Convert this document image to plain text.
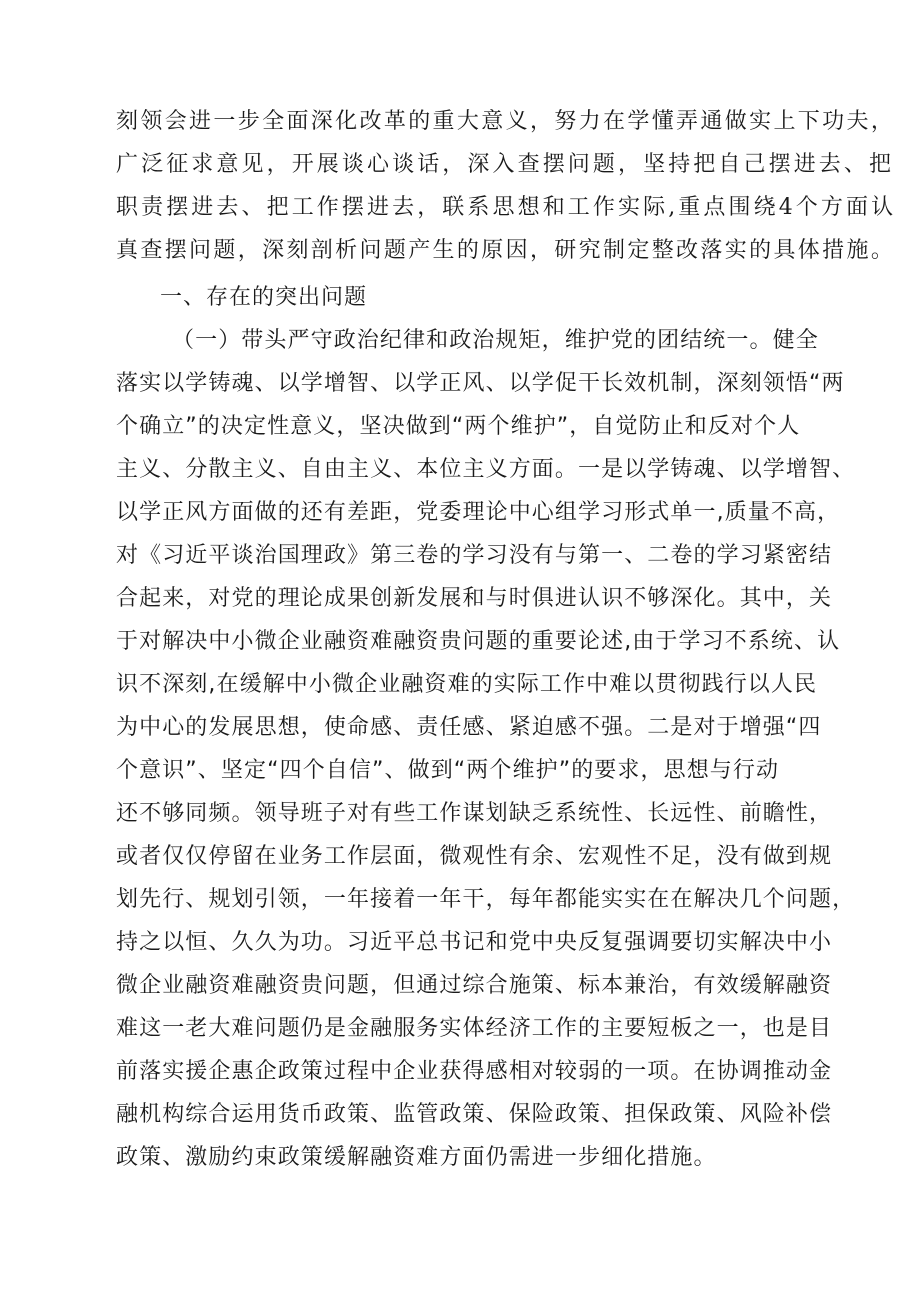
刻领会进一步全面深化改革的重大意义，努力在学懂弄通做实上下功夫，
广泛征求意见，开展谈心谈话，深入查摆问题，坚持把自己摆进去、把
职责摆进去、把工作摆进去，联系思想和工作实际,重点围绕4个方面认
真查摆问题，深刻剖析问题产生的原因，研究制定整改落实的具体措施。
一、存在的突出问题
（一）带头严守政治纪律和政治规矩，维护党的团结统一。健全
落实以学铸魂、以学增智、以学正风、以学促干长效机制，深刻领悟“两
个确立”的决定性意义，坚决做到“两个维护”，自觉防止和反对个人
主义、分散主义、自由主义、本位主义方面。一是以学铸魂、以学增智、
以学正风方面做的还有差距，党委理论中心组学习形式单一,质量不高，
对《习近平谈治国理政》第三卷的学习没有与第一、二卷的学习紧密结
合起来，对党的理论成果创新发展和与时俱进认识不够深化。其中，关
于对解决中小微企业融资难融资贵问题的重要论述,由于学习不系统、认
识不深刻,在缓解中小微企业融资难的实际工作中难以贯彻践行以人民
为中心的发展思想，使命感、责任感、紧迫感不强。二是对于增强“四
个意识”、坚定“四个自信”、做到“两个维护”的要求，思想与行动
还不够同频。领导班子对有些工作谋划缺乏系统性、长远性、前瞻性，
或者仅仅停留在业务工作层面，微观性有余、宏观性不足，没有做到规
划先行、规划引领，一年接着一年干，每年都能实实在在解决几个问题，
持之以恒、久久为功。习近平总书记和党中央反复强调要切实解决中小
微企业融资难融资贵问题，但通过综合施策、标本兼治，有效缓解融资
难这一老大难问题仍是金融服务实体经济工作的主要短板之一，也是目
前落实援企惠企政策过程中企业获得感相对较弱的一项。在协调推动金
融机构综合运用货币政策、监管政策、保险政策、担保政策、风险补偿
政策、激励约束政策缓解融资难方面仍需进一步细化措施。
